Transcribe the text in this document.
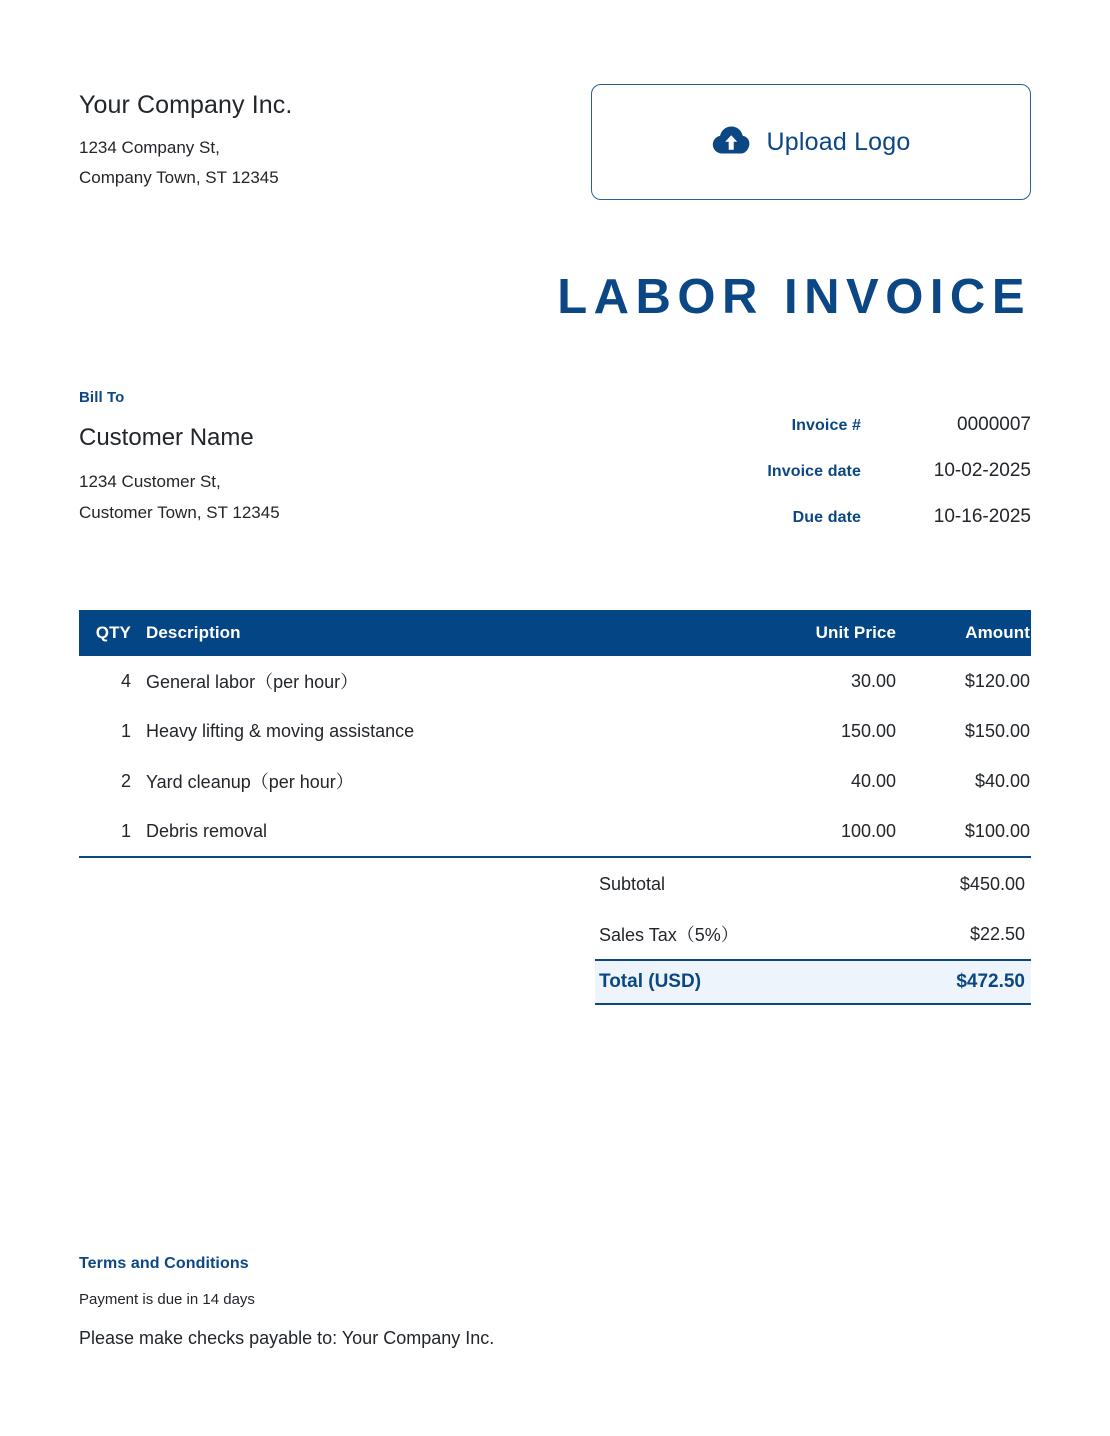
Your Company Inc.
1234 Company St,
Company Town, ST 12345
Upload Logo
LABOR INVOICE
Bill To
Customer Name
1234 Customer St,
Customer Town, ST 12345
Invoice #	0000007
Invoice date	10-02-2025
Due date	10-16-2025
QTY Description	Unit Price	Amount
4 General labor（per hour）	30.00	$120.00
1 Heavy lifting & moving assistance	150.00	$150.00
2 Yard cleanup（per hour）	40.00	$40.00
1 Debris removal	100.00	$100.00
Subtotal	$450.00
Sales Tax（5%）	$22.50
Total (USD)	$472.50
Terms and Conditions
Payment is due in 14 days
Please make checks payable to: Your Company Inc.
